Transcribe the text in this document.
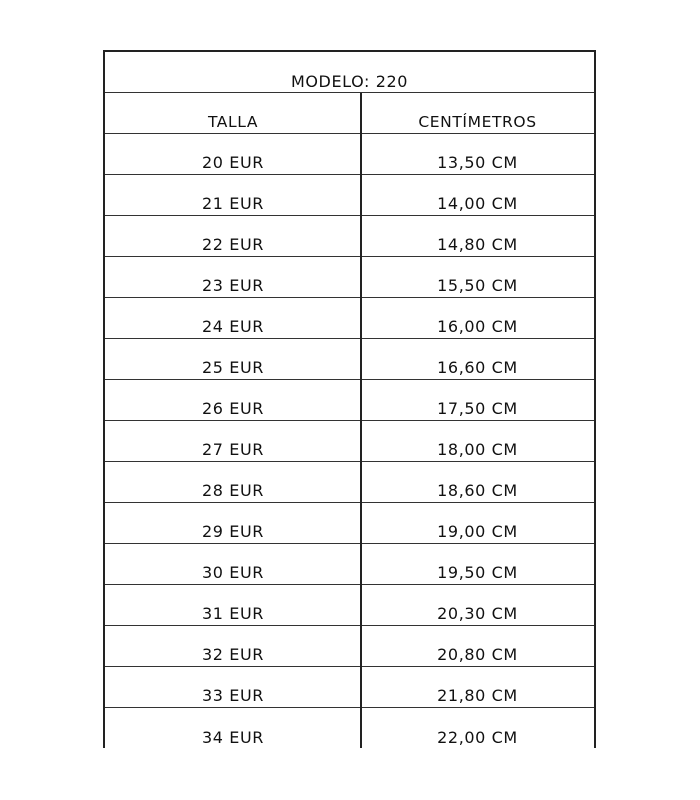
MODELO: 220
TALLA	CENTÍMETROS
20 EUR	13,50 CM
21 EUR	14,00 CM
22 EUR	14,80 CM
23 EUR	15,50 CM
24 EUR	16,00 CM
25 EUR	16,60 CM
26 EUR	17,50 CM
27 EUR	18,00 CM
28 EUR	18,60 CM
29 EUR	19,00 CM
30 EUR	19,50 CM
31 EUR	20,30 CM
32 EUR	20,80 CM
33 EUR	21,80 CM
34 EUR	22,00 CM
